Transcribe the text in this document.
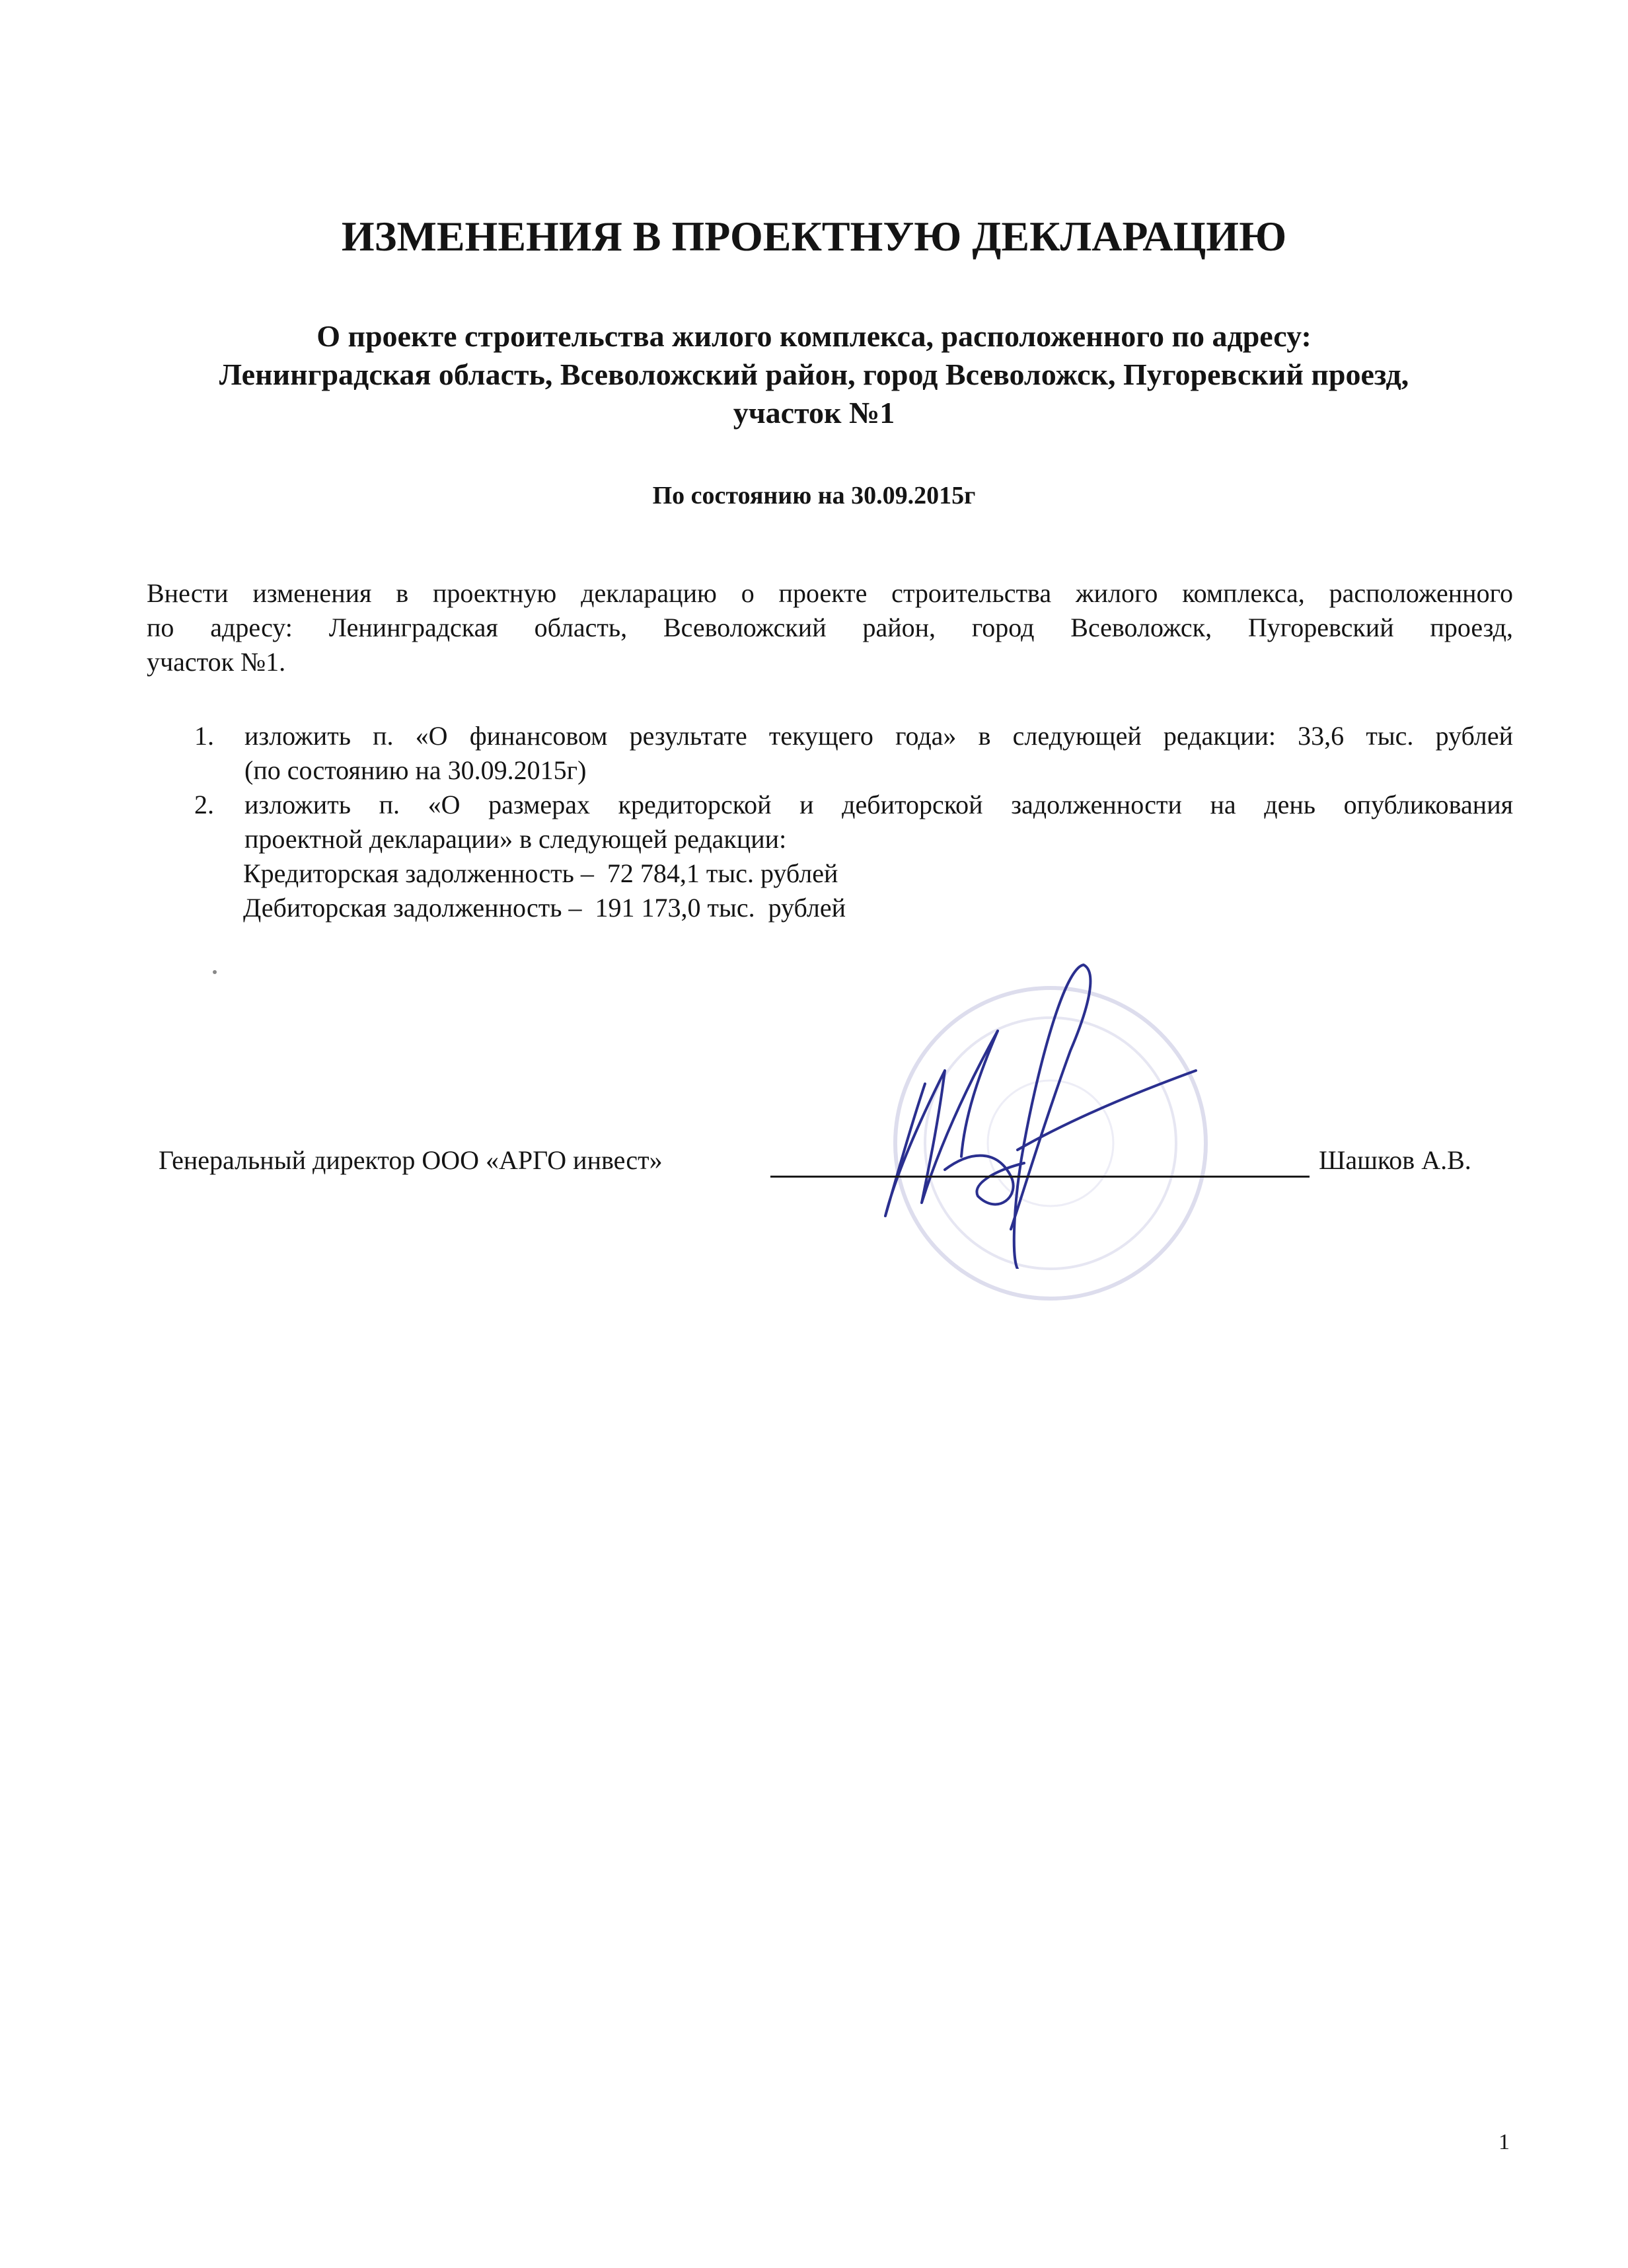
ИЗМЕНЕНИЯ В ПРОЕКТНУЮ ДЕКЛАРАЦИЮ
О проекте строительства жилого комплекса, расположенного по адресу:
Ленинградская область, Всеволожский район, город Всеволожск, Пугоревский проезд,
участок №1
По состоянию на 30.09.2015г
Внести изменения в проектную декларацию о проекте строительства жилого комплекса, расположенного
по адресу: Ленинградская область, Всеволожский район, город Всеволожск, Пугоревский проезд,
участок №1.
1. изложить п. «О финансовом результате текущего года» в следующей редакции: 33,6 тыс. рублей
(по состоянию на 30.09.2015г)
2. изложить п. «О размерах кредиторской и дебиторской задолженности на день опубликования
проектной декларации» в следующей редакции:
Кредиторская задолженность –  72 784,1 тыс. рублей
Дебиторская задолженность –  191 173,0 тыс.  рублей
Генеральный директор ООО «АРГО инвест»	Шашков А.В.
1
